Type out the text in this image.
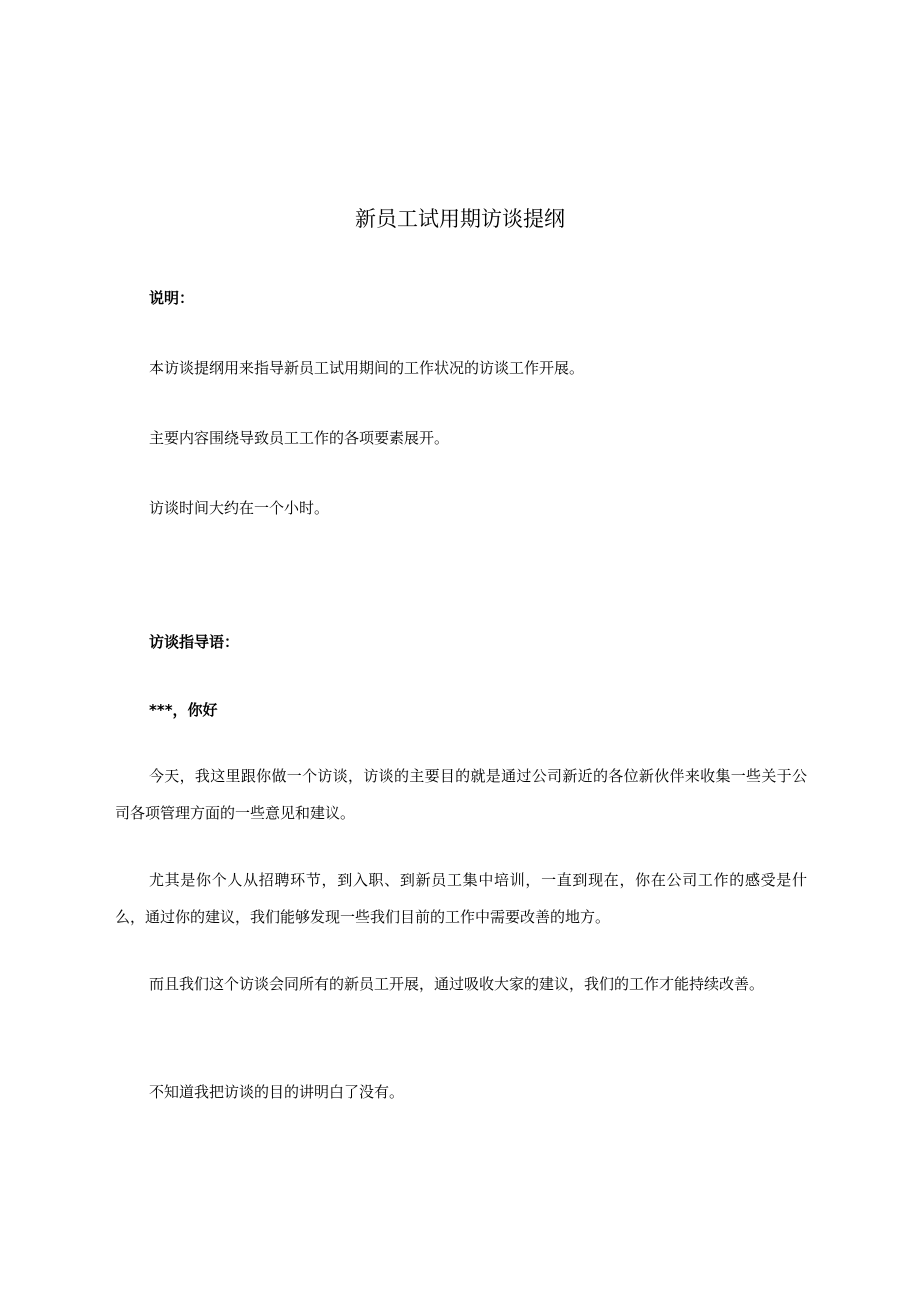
新员工试用期访谈提纲

说明：

本访谈提纲用来指导新员工试用期间的工作状况的访谈工作开展。

主要内容围绕导致员工工作的各项要素展开。

访谈时间大约在一个小时。

访谈指导语：

***，你好

今天，我这里跟你做一个访谈，访谈的主要目的就是通过公司新近的各位新伙伴来收集一些关于公司各项管理方面的一些意见和建议。

尤其是你个人从招聘环节，到入职、到新员工集中培训，一直到现在，你在公司工作的感受是什么，通过你的建议，我们能够发现一些我们目前的工作中需要改善的地方。

而且我们这个访谈会同所有的新员工开展，通过吸收大家的建议，我们的工作才能持续改善。

不知道我把访谈的目的讲明白了没有。
